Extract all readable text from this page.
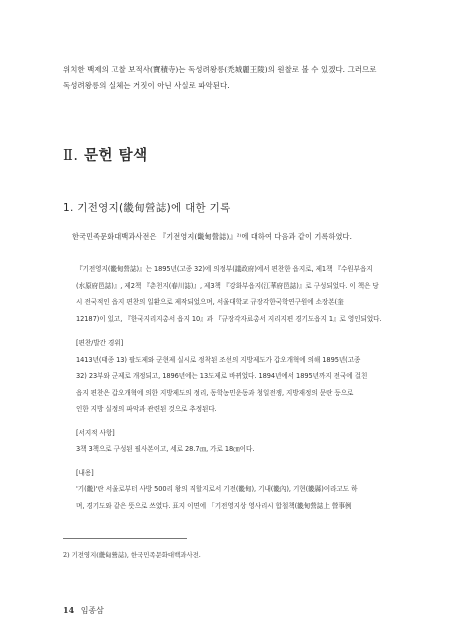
위치한 백제의 고찰 보적사(寶積寺)는 독성려왕릉(禿城麗王陵)의 원찰로 볼 수 있겠다. 그러므로
독성려왕릉의 실체는 거짓이 아닌 사실로 파악된다.
Ⅱ. 문헌 탐색
1. 기전영지(畿甸營誌)에 대한 기록
한국민족문화대백과사전은 『기전영지(畿甸營誌)』²⁾에 대하여 다음과 같이 기록하였다.
『기전영지(畿甸營誌)』는 1895년(고종 32)에 의정부(議政府)에서 편찬한 읍지로, 제1책 『수원부읍지
(水原府邑誌)』, 제2책 『춘천지(春川誌)』, 제3책 『강화부읍지(江華府邑誌)』로 구성되었다. 이 책은 당
시 전국적인 읍지 편찬의 일환으로 제작되었으며, 서울대학교 규장각한국학연구원에 소장본(奎
12187)이 있고, 『한국지리지총서 읍지 10』과 『규장각자료총서 지리지편 경기도읍지 1』로 영인되었다.
[편찬/발간 경위]
1413년(태종 13) 팔도제와 군현제 실시로 정착된 조선의 지방제도가 갑오개혁에 의해 1895년(고종
32) 23부와 군제로 개정되고, 1896년에는 13도제로 바뀌었다. 1894년에서 1895년까지 전국에 걸친
읍지 편찬은 갑오개혁에 의한 지방제도의 정리, 동학농민운동과 청일전쟁, 지방재정의 문란 등으로
인한 지방 실정의 파악과 관련된 것으로 추정된다.
[서지적 사항]
3책 3책으로 구성된 필사본이고, 세로 28.7㎝, 가로 18㎝이다.
[내용]
'기(畿)'란 서울로부터 사방 500리 왕의 직할지로서 기전(畿甸), 기내(畿內), 기현(畿縣)이라고도 하
며, 경기도와 같은 뜻으로 쓰였다. 표지 이면에 「기전영지상 영사리시 합철책(畿甸營誌上 營事例
2) 기전영지(畿甸營誌), 한국민족문화대백과사전.
14 임종삼
